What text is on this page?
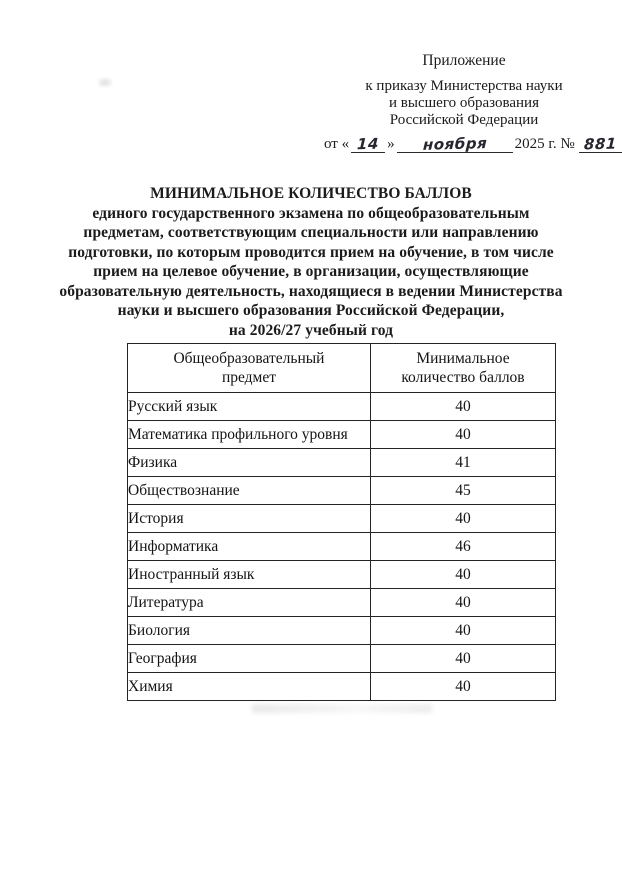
Приложение
к приказу Министерства науки
и высшего образования
Российской Федерации
от « 14 »	ноября	2025 г. № 881
МИНИМАЛЬНОЕ КОЛИЧЕСТВО БАЛЛОВ
единого государственного экзамена по общеобразовательным
предметам, соответствующим специальности или направлению
подготовки, по которым проводится прием на обучение, в том числе
прием на целевое обучение, в организации, осуществляющие
образовательную деятельность, находящиеся в ведении Министерства
науки и высшего образования Российской Федерации,
на 2026/27 учебный год
Общеобразовательный предмет	Минимальное количество баллов
Русский язык	40
Математика профильного уровня	40
Физика	41
Обществознание	45
История	40
Информатика	46
Иностранный язык	40
Литература	40
Биология	40
География	40
Химия	40
